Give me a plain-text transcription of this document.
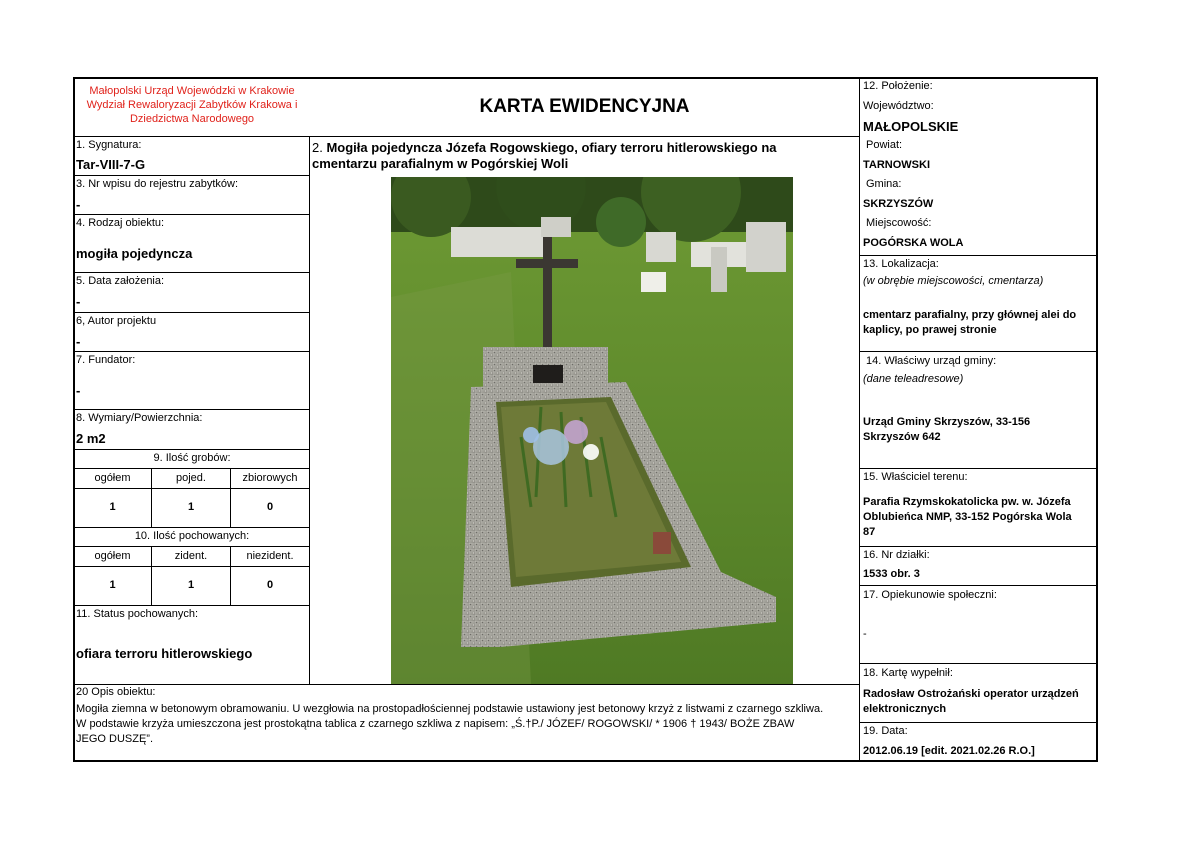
Małopolski Urząd Wojewódzki w Krakowie
Wydział Rewaloryzacji Zabytków Krakowa i
Dziedzictwa Narodowego
KARTA EWIDENCYJNA
1. Sygnatura:
Tar-VIII-7-G
3. Nr wpisu do rejestru zabytków:
-
4. Rodzaj obiektu:
mogiła pojedyncza
5. Data założenia:
-
6, Autor projektu
-
7. Fundator:
-
8. Wymiary/Powierzchnia:
2 m2
9. Ilość grobów:
ogółem	pojed.	zbiorowych
1	1	0
10. Ilość pochowanych:
ogółem	zident.	niezident.
1	1	0
11. Status pochowanych:
ofiara terroru hitlerowskiego
2. Mogiła pojedyncza Józefa Rogowskiego, ofiary terroru hitlerowskiego na
cmentarzu parafialnym w Pogórskiej Woli
20 Opis obiektu:
Mogiła ziemna w betonowym obramowaniu. U wezgłowia na prostopadłościennej podstawie ustawiony jest betonowy krzyż z listwami z czarnego szkliwa.
W podstawie krzyża umieszczona jest prostokątna tablica z czarnego szkliwa z napisem: „Ś.†P./ JÓZEF/ ROGOWSKI/ * 1906 † 1943/ BOŻE ZBAW
JEGO DUSZĘ”.
12. Położenie:
Województwo:
MAŁOPOLSKIE
Powiat:
TARNOWSKI
Gmina:
SKRZYSZÓW
Miejscowość:
POGÓRSKA WOLA
13. Lokalizacja:
(w obrębie miejscowości, cmentarza)
cmentarz parafialny, przy głównej alei do
kaplicy, po prawej stronie
14. Właściwy urząd gminy:
(dane teleadresowe)
Urząd Gminy Skrzyszów, 33-156
Skrzyszów 642
15. Właściciel terenu:
Parafia Rzymskokatolicka pw. w. Józefa
Oblubieńca NMP, 33-152 Pogórska Wola
87
16. Nr działki:
1533 obr. 3
17. Opiekunowie społeczni:
-
18. Kartę wypełnił:
Radosław Ostrożański operator urządzeń
elektronicznych
19. Data:
2012.06.19 [edit. 2021.02.26 R.O.]
